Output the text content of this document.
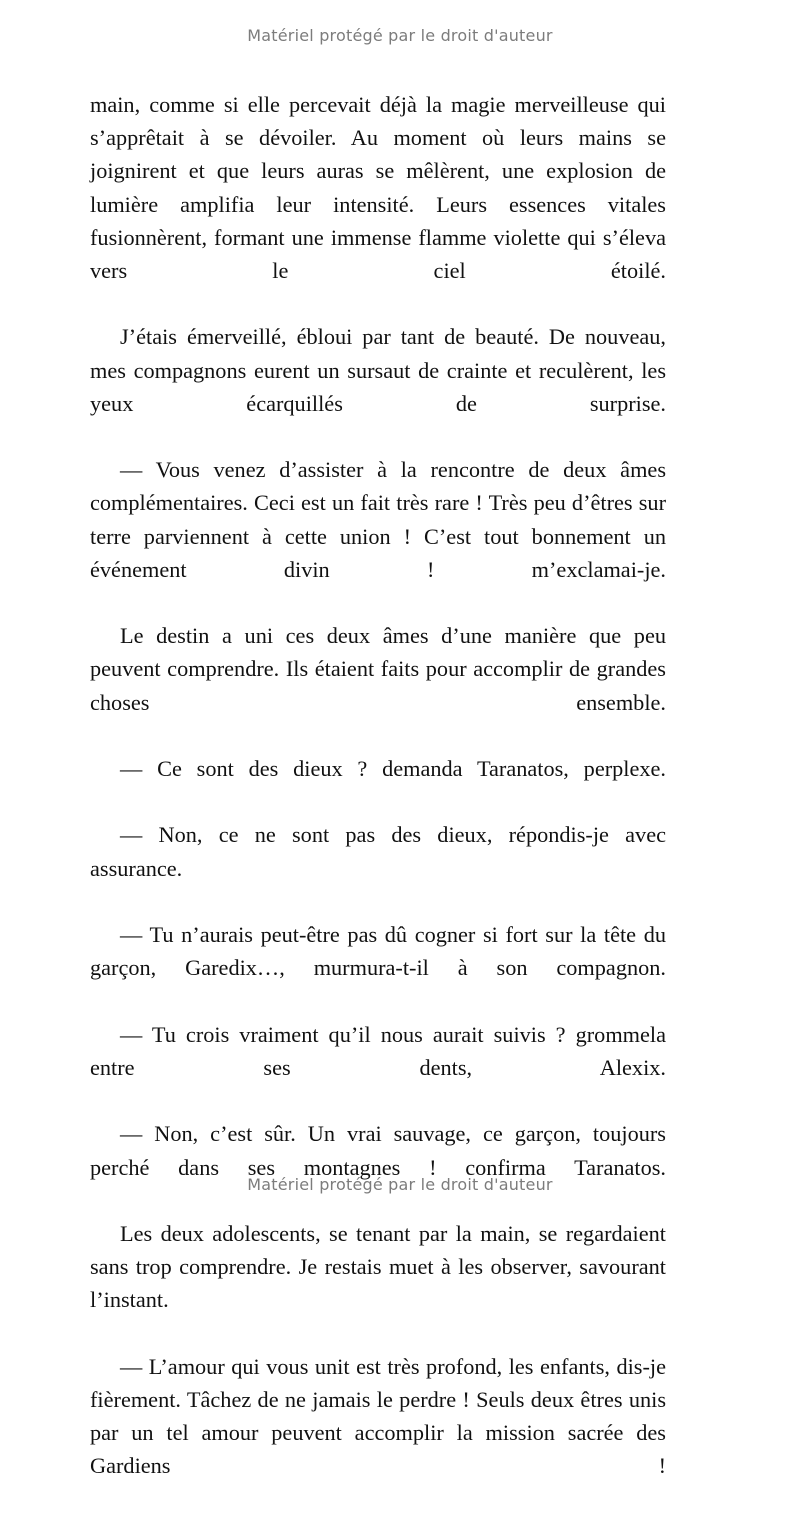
Matériel protégé par le droit d'auteur

main, comme si elle percevait déjà la magie merveilleuse qui s’apprêtait à se dévoiler. Au moment où leurs mains se joignirent et que leurs auras se mêlèrent, une explosion de lumière amplifia leur intensité. Leurs essences vitales fusionnèrent, formant une immense flamme violette qui s’éleva vers le ciel étoilé.

J’étais émerveillé, ébloui par tant de beauté. De nouveau, mes compagnons eurent un sursaut de crainte et reculèrent, les yeux écarquillés de surprise.

— Vous venez d’assister à la rencontre de deux âmes complémentaires. Ceci est un fait très rare ! Très peu d’êtres sur terre parviennent à cette union ! C’est tout bonnement un événement divin ! m’exclamai-je.

Le destin a uni ces deux âmes d’une manière que peu peuvent comprendre. Ils étaient faits pour accomplir de grandes choses ensemble.

— Ce sont des dieux ? demanda Taranatos, perplexe.

— Non, ce ne sont pas des dieux, répondis-je avec assurance.

— Tu n’aurais peut-être pas dû cogner si fort sur la tête du garçon, Garedix…, murmura-t-il à son compagnon.

— Tu crois vraiment qu’il nous aurait suivis ? grommela entre ses dents, Alexix.

— Non, c’est sûr. Un vrai sauvage, ce garçon, toujours perché dans ses montagnes ! confirma Taranatos.

Les deux adolescents, se tenant par la main, se regardaient sans trop comprendre. Je restais muet à les observer, savourant l’instant.

— L’amour qui vous unit est très profond, les enfants, dis-je fièrement. Tâchez de ne jamais le perdre ! Seuls deux êtres unis par un tel amour peuvent accomplir la mission sacrée des Gardiens !

Matériel protégé par le droit d'auteur
